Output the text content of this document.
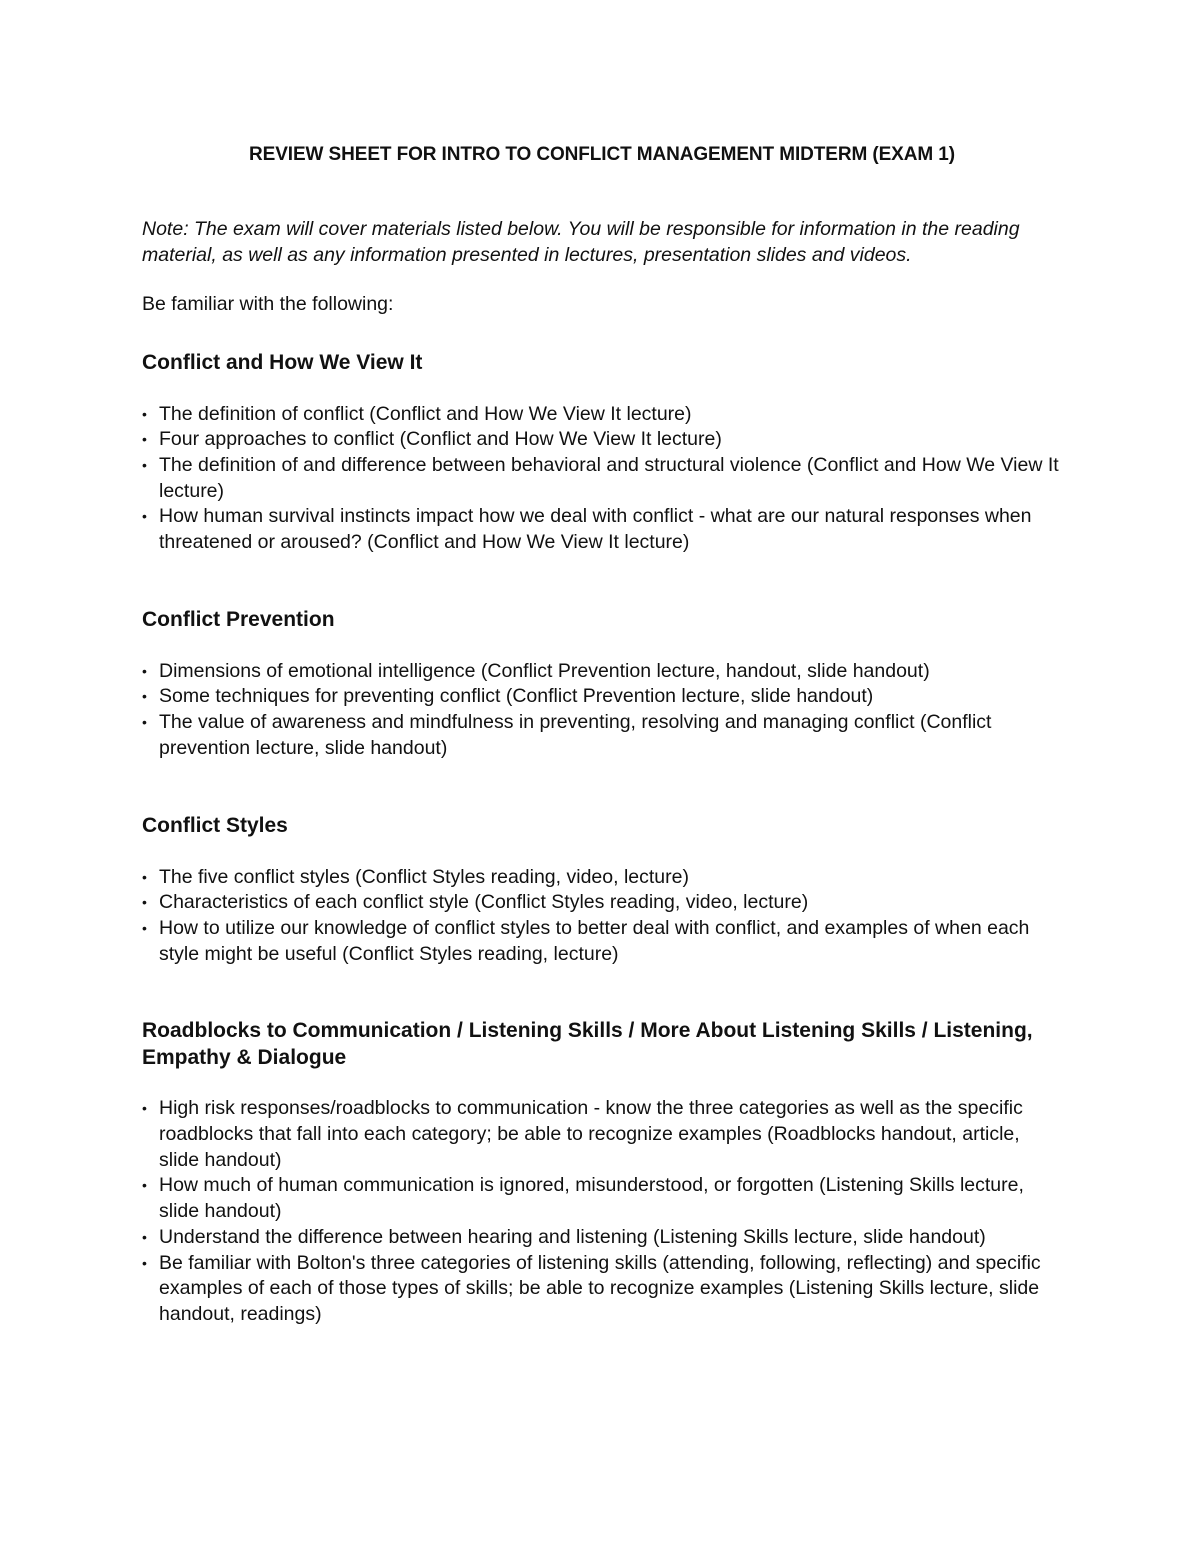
REVIEW SHEET FOR INTRO TO CONFLICT MANAGEMENT MIDTERM (EXAM 1)

Note: The exam will cover materials listed below. You will be responsible for information in the reading material, as well as any information presented in lectures, presentation slides and videos.

Be familiar with the following:

Conflict and How We View It
• The definition of conflict (Conflict and How We View It lecture)
• Four approaches to conflict (Conflict and How We View It lecture)
• The definition of and difference between behavioral and structural violence (Conflict and How We View It lecture)
• How human survival instincts impact how we deal with conflict - what are our natural responses when threatened or aroused? (Conflict and How We View It lecture)
Conflict Prevention
• Dimensions of emotional intelligence (Conflict Prevention lecture, handout, slide handout)
• Some techniques for preventing conflict (Conflict Prevention lecture, slide handout)
• The value of awareness and mindfulness in preventing, resolving and managing conflict (Conflict prevention lecture, slide handout)
Conflict Styles
• The five conflict styles (Conflict Styles reading, video, lecture)
• Characteristics of each conflict style (Conflict Styles reading, video, lecture)
• How to utilize our knowledge of conflict styles to better deal with conflict, and examples of when each style might be useful (Conflict Styles reading, lecture)
Roadblocks to Communication / Listening Skills / More About Listening Skills / Listening, Empathy & Dialogue
• High risk responses/roadblocks to communication - know the three categories as well as the specific roadblocks that fall into each category; be able to recognize examples (Roadblocks handout, article, slide handout)
• How much of human communication is ignored, misunderstood, or forgotten (Listening Skills lecture, slide handout)
• Understand the difference between hearing and listening (Listening Skills lecture, slide handout)
• Be familiar with Bolton's three categories of listening skills (attending, following, reflecting) and specific examples of each of those types of skills; be able to recognize examples (Listening Skills lecture, slide handout, readings)
